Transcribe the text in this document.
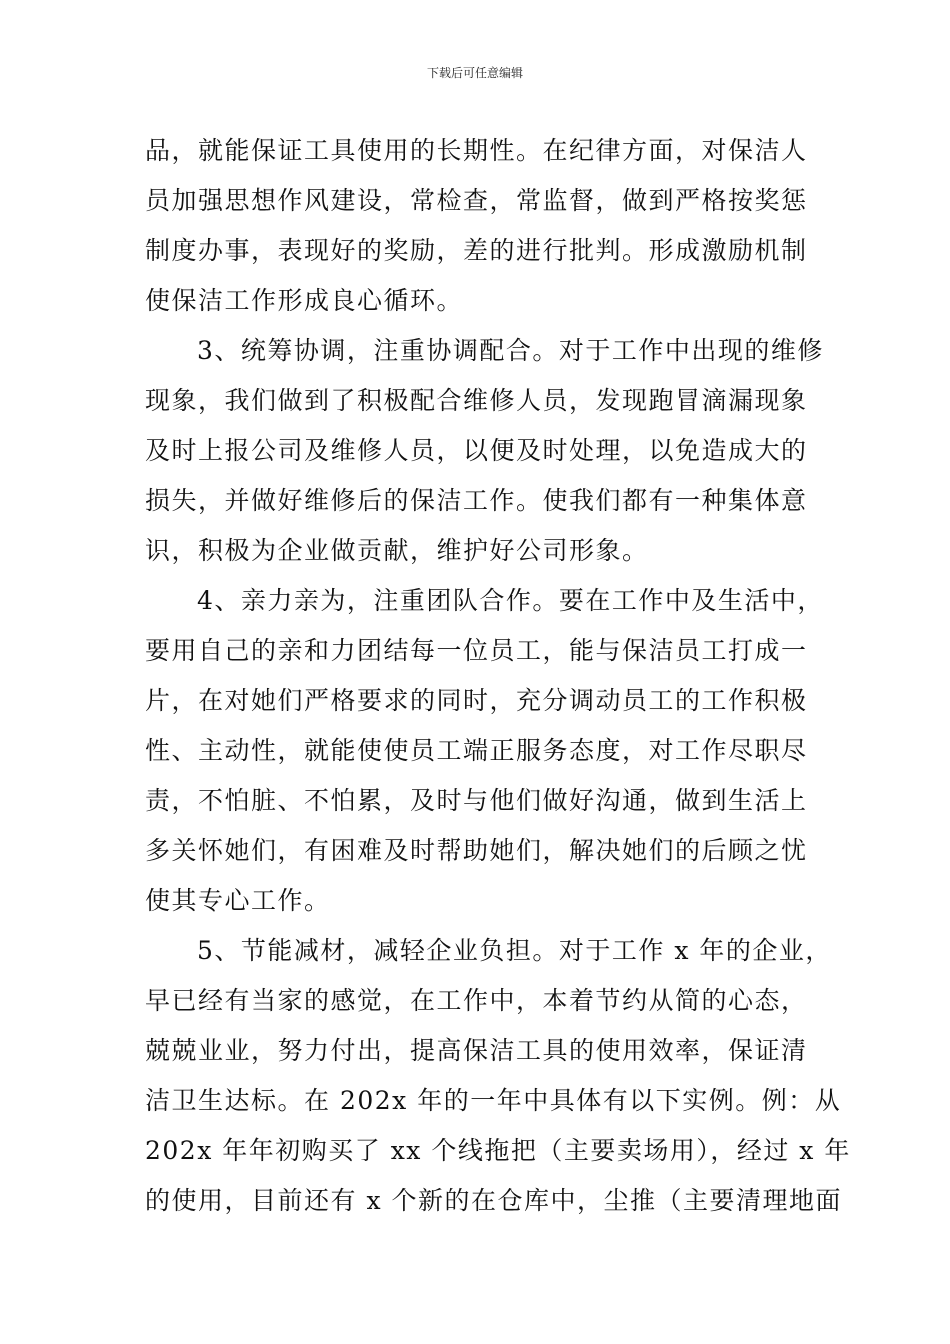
下载后可任意编辑
品，就能保证工具使用的长期性。在纪律方面，对保洁人
员加强思想作风建设，常检查，常监督，做到严格按奖惩
制度办事，表现好的奖励，差的进行批判。形成激励机制
使保洁工作形成良心循环。
3、统筹协调，注重协调配合。对于工作中出现的维修
现象，我们做到了积极配合维修人员，发现跑冒滴漏现象
及时上报公司及维修人员，以便及时处理，以免造成大的
损失，并做好维修后的保洁工作。使我们都有一种集体意
识，积极为企业做贡献，维护好公司形象。
4、亲力亲为，注重团队合作。要在工作中及生活中，
要用自己的亲和力团结每一位员工，能与保洁员工打成一
片，在对她们严格要求的同时，充分调动员工的工作积极
性、主动性，就能使使员工端正服务态度，对工作尽职尽
责，不怕脏、不怕累，及时与他们做好沟通，做到生活上
多关怀她们，有困难及时帮助她们，解决她们的后顾之忧
使其专心工作。
5、节能减材，减轻企业负担。对于工作 x 年的企业，
早已经有当家的感觉，在工作中，本着节约从简的心态，
兢兢业业，努力付出，提高保洁工具的使用效率，保证清
洁卫生达标。在 202x 年的一年中具体有以下实例。例：从
202x 年年初购买了 xx 个线拖把（主要卖场用），经过 x 年
的使用，目前还有 x 个新的在仓库中，尘推（主要清理地面
